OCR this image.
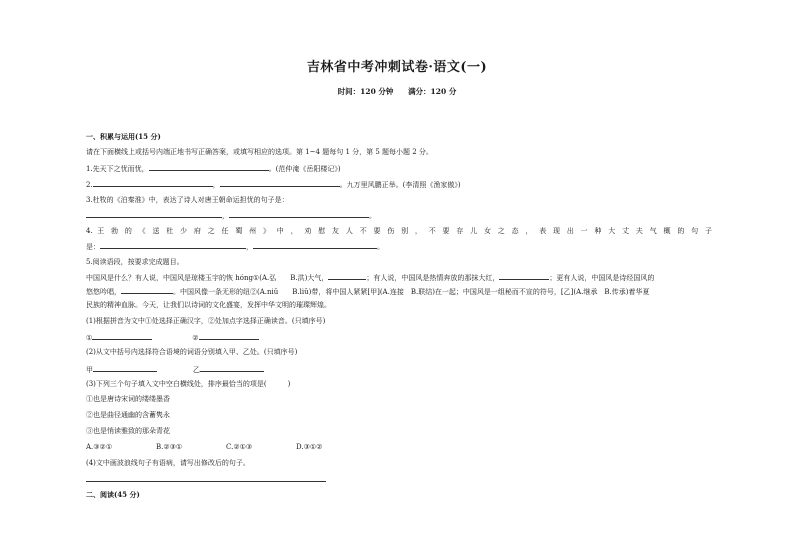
吉林省中考冲刺试卷·语文(一)
时间：120 分钟 满分：120 分
一、积累与运用(15 分)
请在下面横线上或括号内端正地书写正确答案，或填写相应的选项。第 1~4 题每句 1 分，第 5 题每小题 2 分。
1.先天下之忧而忧，	。(范仲淹《岳阳楼记》)
2.	，	。九万里风鹏正举。(李清照《渔家傲》)
3.杜牧的《泊秦淮》中，表达了诗人对唐王朝命运担忧的句子是：
，	。
4. 王 勃 的 《 送 杜 少 府 之 任 蜀 州 》 中 ， 劝 慰 友 人 不 要 伤 别 ， 不 要 存 儿 女 之 态 ， 表 现 出 一 种 大 丈 夫 气 概 的 句 子
是：	，	。
5.阅读语段，按要求完成题目。
中国风是什么？有人说，中国风是琼楼玉宇的恢 hóng①(A.弘　　B.洪)大气，	；有人说，中国风是热情奔放的那抹大红，	；更有人说，中国风是诗经国风的
悠悠吟唱，	。中国风像一条无形的纽②(A.niǔ　　B.liǔ)带，将中国人紧紧[甲](A.连接　B.联结)在一起；中国风是一组秘而不宣的符号，[乙](A.继承　B.传承)着华夏
民族的精神血脉。今天，让我们以诗词的文化盛宴，发挥中华文明的璀璨辉煌。
(1)根据拼音为文中①处选择正确汉字，②处加点字选择正确读音。(只填序号)
①	②
(2)从文中括号内选择符合语境的词语分别填入甲、乙处。(只填序号)
甲	乙
(3)下列三个句子填入文中空白横线处，排序最恰当的项是(　　　)
①也是唐诗宋词的缕缕墨香
②也是曲径通幽的含蓄隽永
③也是悄读雅致的那朵青花
A.③②①	B.②③①	C.②①③	D.③①②
(4)文中画波浪线句子有语病，请写出修改后的句子。
二、阅读(45 分)
